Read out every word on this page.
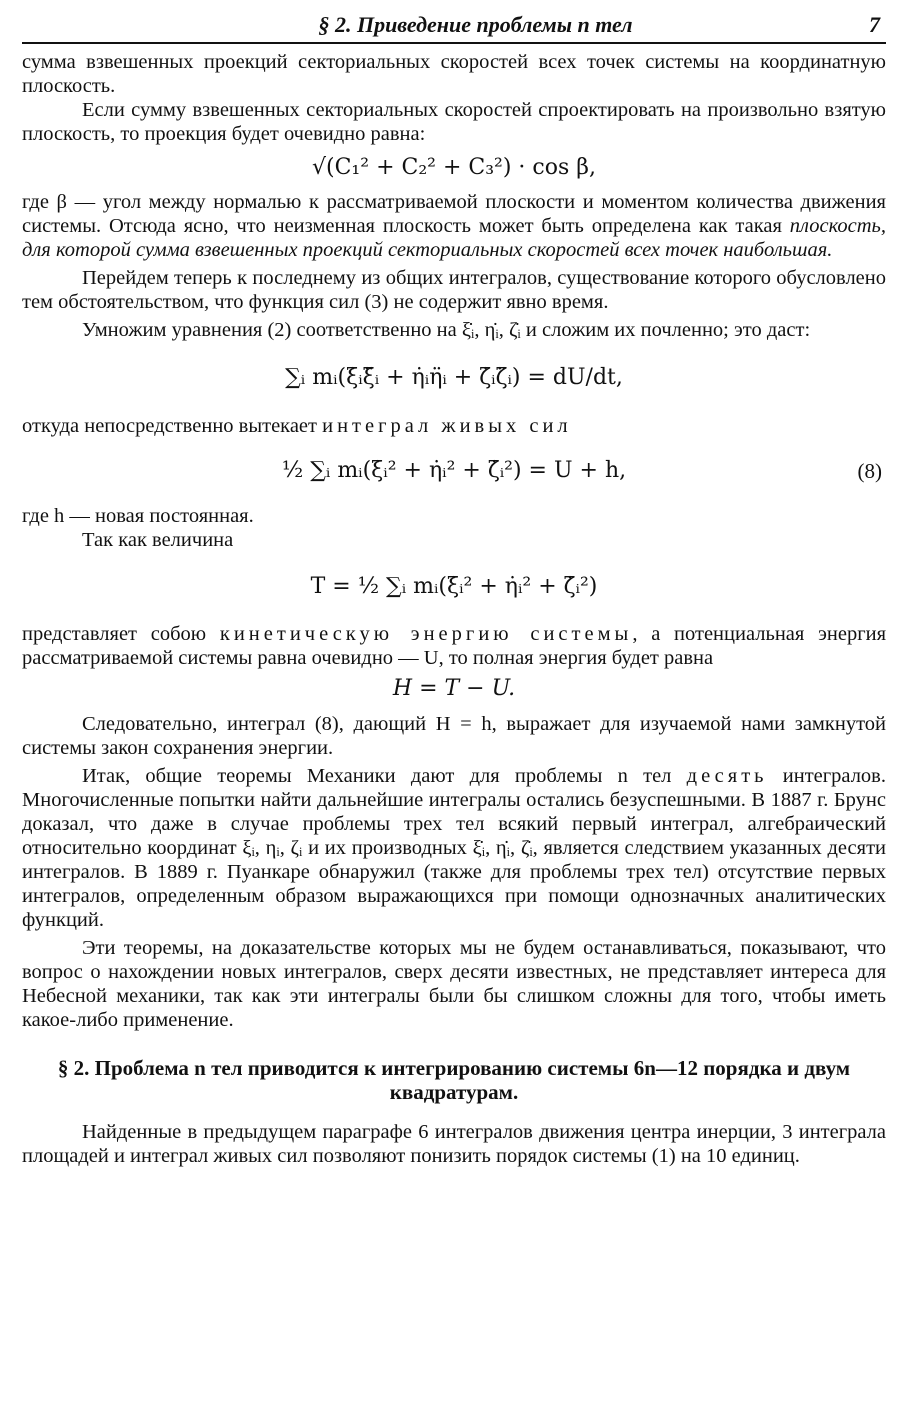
§ 2. Приведение проблемы n тел	7

сумма взвешенных проекций секториальных скоростей всех точек системы на координатную плоскость.

Если сумму взвешенных секториальных скоростей спроектировать на произвольно взятую плоскость, то проекция будет очевидно равна:

√(C₁² + C₂² + C₃²) · cos β,

где β — угол между нормалью к рассматриваемой плоскости и моментом количества движения системы. Отсюда ясно, что неизменная плоскость может быть определена как такая плоскость, для которой сумма взвешенных проекций секториальных скоростей всех точек наибольшая.

Перейдем теперь к последнему из общих интегралов, существование которого обусловлено тем обстоятельством, что функция сил (3) не содержит явно время.

Умножим уравнения (2) соответственно на ξ̇ᵢ, η̇ᵢ, ζ̇ᵢ и сложим их почленно; это даст:

∑ᵢ mᵢ(ξ̇ᵢξ̈ᵢ + η̇ᵢη̈ᵢ + ζ̇ᵢζ̈ᵢ) = dU/dt,

откуда непосредственно вытекает интеграл живых сил

½ ∑ᵢ mᵢ(ξ̇ᵢ² + η̇ᵢ² + ζ̇ᵢ²) = U + h,	(8)

где h — новая постоянная.

Так как величина

T = ½ ∑ᵢ mᵢ(ξ̇ᵢ² + η̇ᵢ² + ζ̇ᵢ²)

представляет собою кинетическую энергию системы, а потенциальная энергия рассматриваемой системы равна очевидно — U, то полная энергия будет равна

H = T − U.

Следовательно, интеграл (8), дающий H = h, выражает для изучаемой нами замкнутой системы закон сохранения энергии.

Итак, общие теоремы Механики дают для проблемы n тел десять интегралов. Многочисленные попытки найти дальнейшие интегралы остались безуспешными. В 1887 г. Брунс доказал, что даже в случае проблемы трех тел всякий первый интеграл, алгебраический относительно координат ξᵢ, ηᵢ, ζᵢ и их производных ξ̇ᵢ, η̇ᵢ, ζ̇ᵢ, является следствием указанных десяти интегралов. В 1889 г. Пуанкаре обнаружил (также для проблемы трех тел) отсутствие первых интегралов, определенным образом выражающихся при помощи однозначных аналитических функций.

Эти теоремы, на доказательстве которых мы не будем останавливаться, показывают, что вопрос о нахождении новых интегралов, сверх десяти известных, не представляет интереса для Небесной механики, так как эти интегралы были бы слишком сложны для того, чтобы иметь какое-либо применение.

§ 2. Проблема n тел приводится к интегрированию системы 6n—12 порядка и двум квадратурам.

Найденные в предыдущем параграфе 6 интегралов движения центра инерции, 3 интеграла площадей и интеграл живых сил позволяют понизить порядок системы (1) на 10 единиц.
